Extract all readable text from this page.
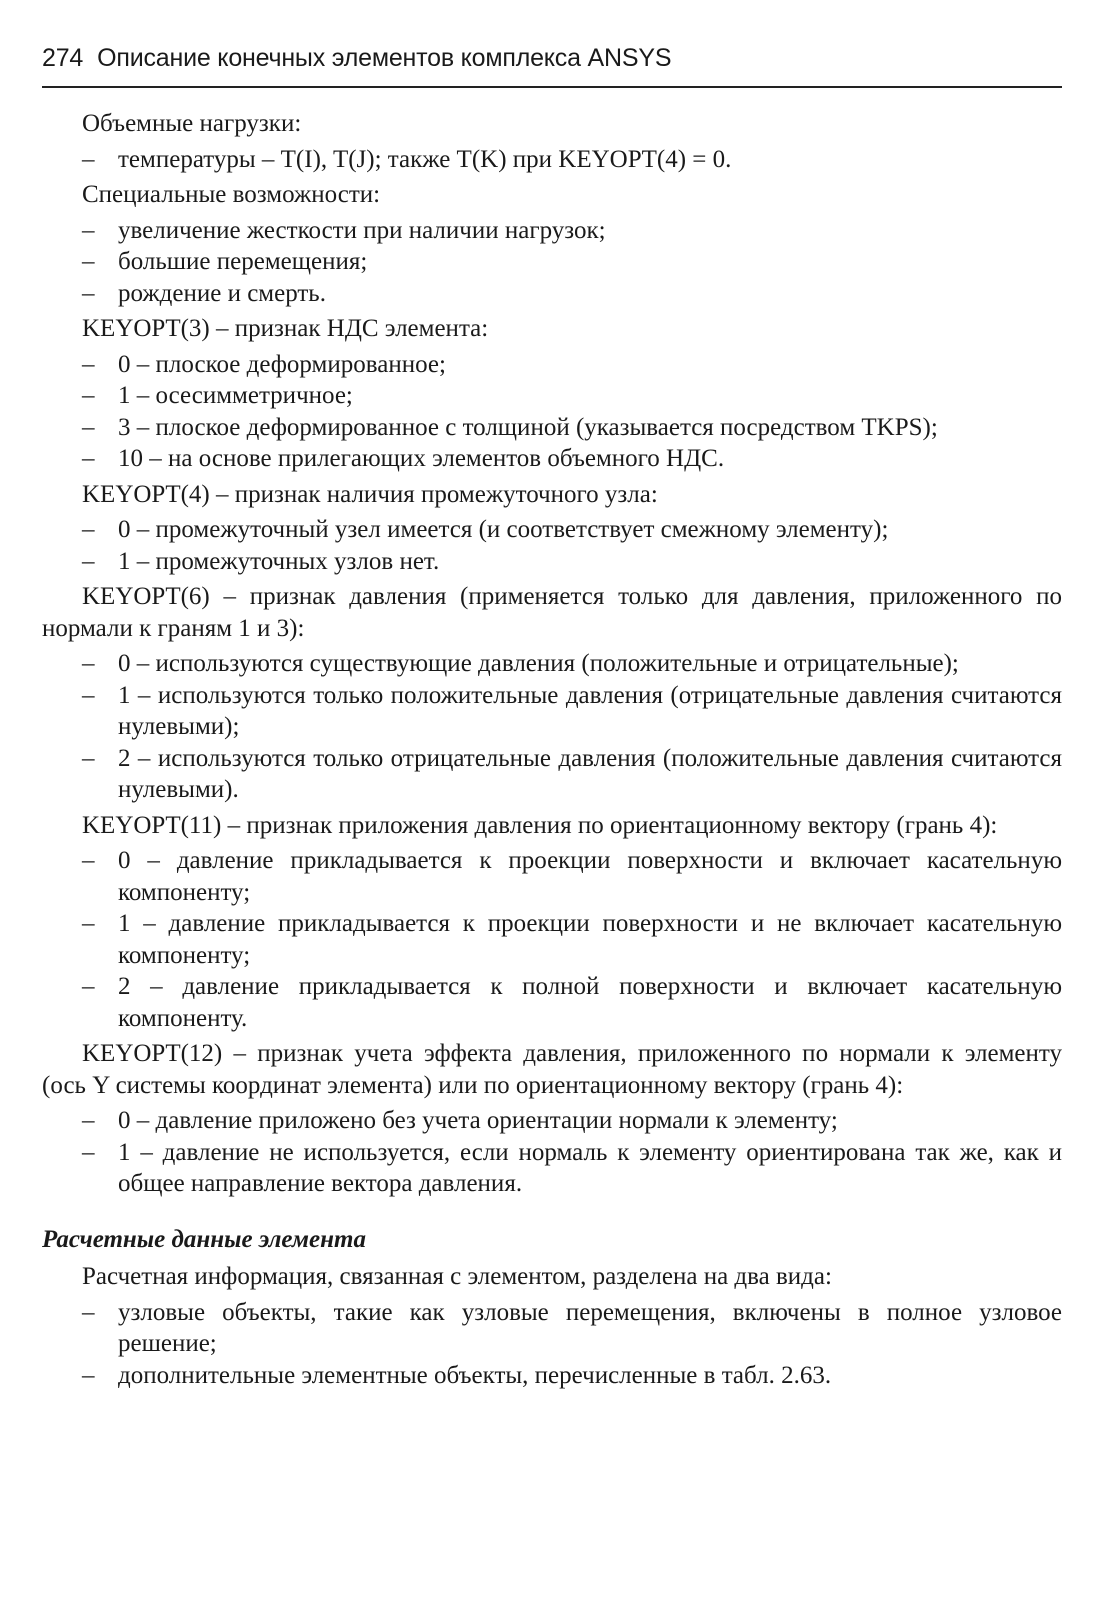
274 Описание конечных элементов комплекса ANSYS

Объемные нагрузки:

– температуры – T(I), T(J); также T(K) при KEYOPT(4) = 0.

Специальные возможности:

– увеличение жесткости при наличии нагрузок;
– большие перемещения;
– рождение и смерть.

KEYOPT(3) – признак НДС элемента:

– 0 – плоское деформированное;
– 1 – осесимметричное;
– 3 – плоское деформированное с толщиной (указывается посредством TKPS);
– 10 – на основе прилегающих элементов объемного НДС.

KEYOPT(4) – признак наличия промежуточного узла:

– 0 – промежуточный узел имеется (и соответствует смежному элементу);
– 1 – промежуточных узлов нет.

KEYOPT(6) – признак давления (применяется только для давления, приложенного по нормали к граням 1 и 3):

– 0 – используются существующие давления (положительные и отрицательные);
– 1 – используются только положительные давления (отрицательные давления считаются нулевыми);
– 2 – используются только отрицательные давления (положительные давления считаются нулевыми).

KEYOPT(11) – признак приложения давления по ориентационному вектору (грань 4):

– 0 – давление прикладывается к проекции поверхности и включает касательную компоненту;
– 1 – давление прикладывается к проекции поверхности и не включает касательную компоненту;
– 2 – давление прикладывается к полной поверхности и включает касательную компоненту.

KEYOPT(12) – признак учета эффекта давления, приложенного по нормали к элементу (ось Y системы координат элемента) или по ориентационному вектору (грань 4):

– 0 – давление приложено без учета ориентации нормали к элементу;
– 1 – давление не используется, если нормаль к элементу ориентирована так же, как и общее направление вектора давления.

Расчетные данные элемента

Расчетная информация, связанная с элементом, разделена на два вида:

– узловые объекты, такие как узловые перемещения, включены в полное узловое решение;
– дополнительные элементные объекты, перечисленные в табл. 2.63.
